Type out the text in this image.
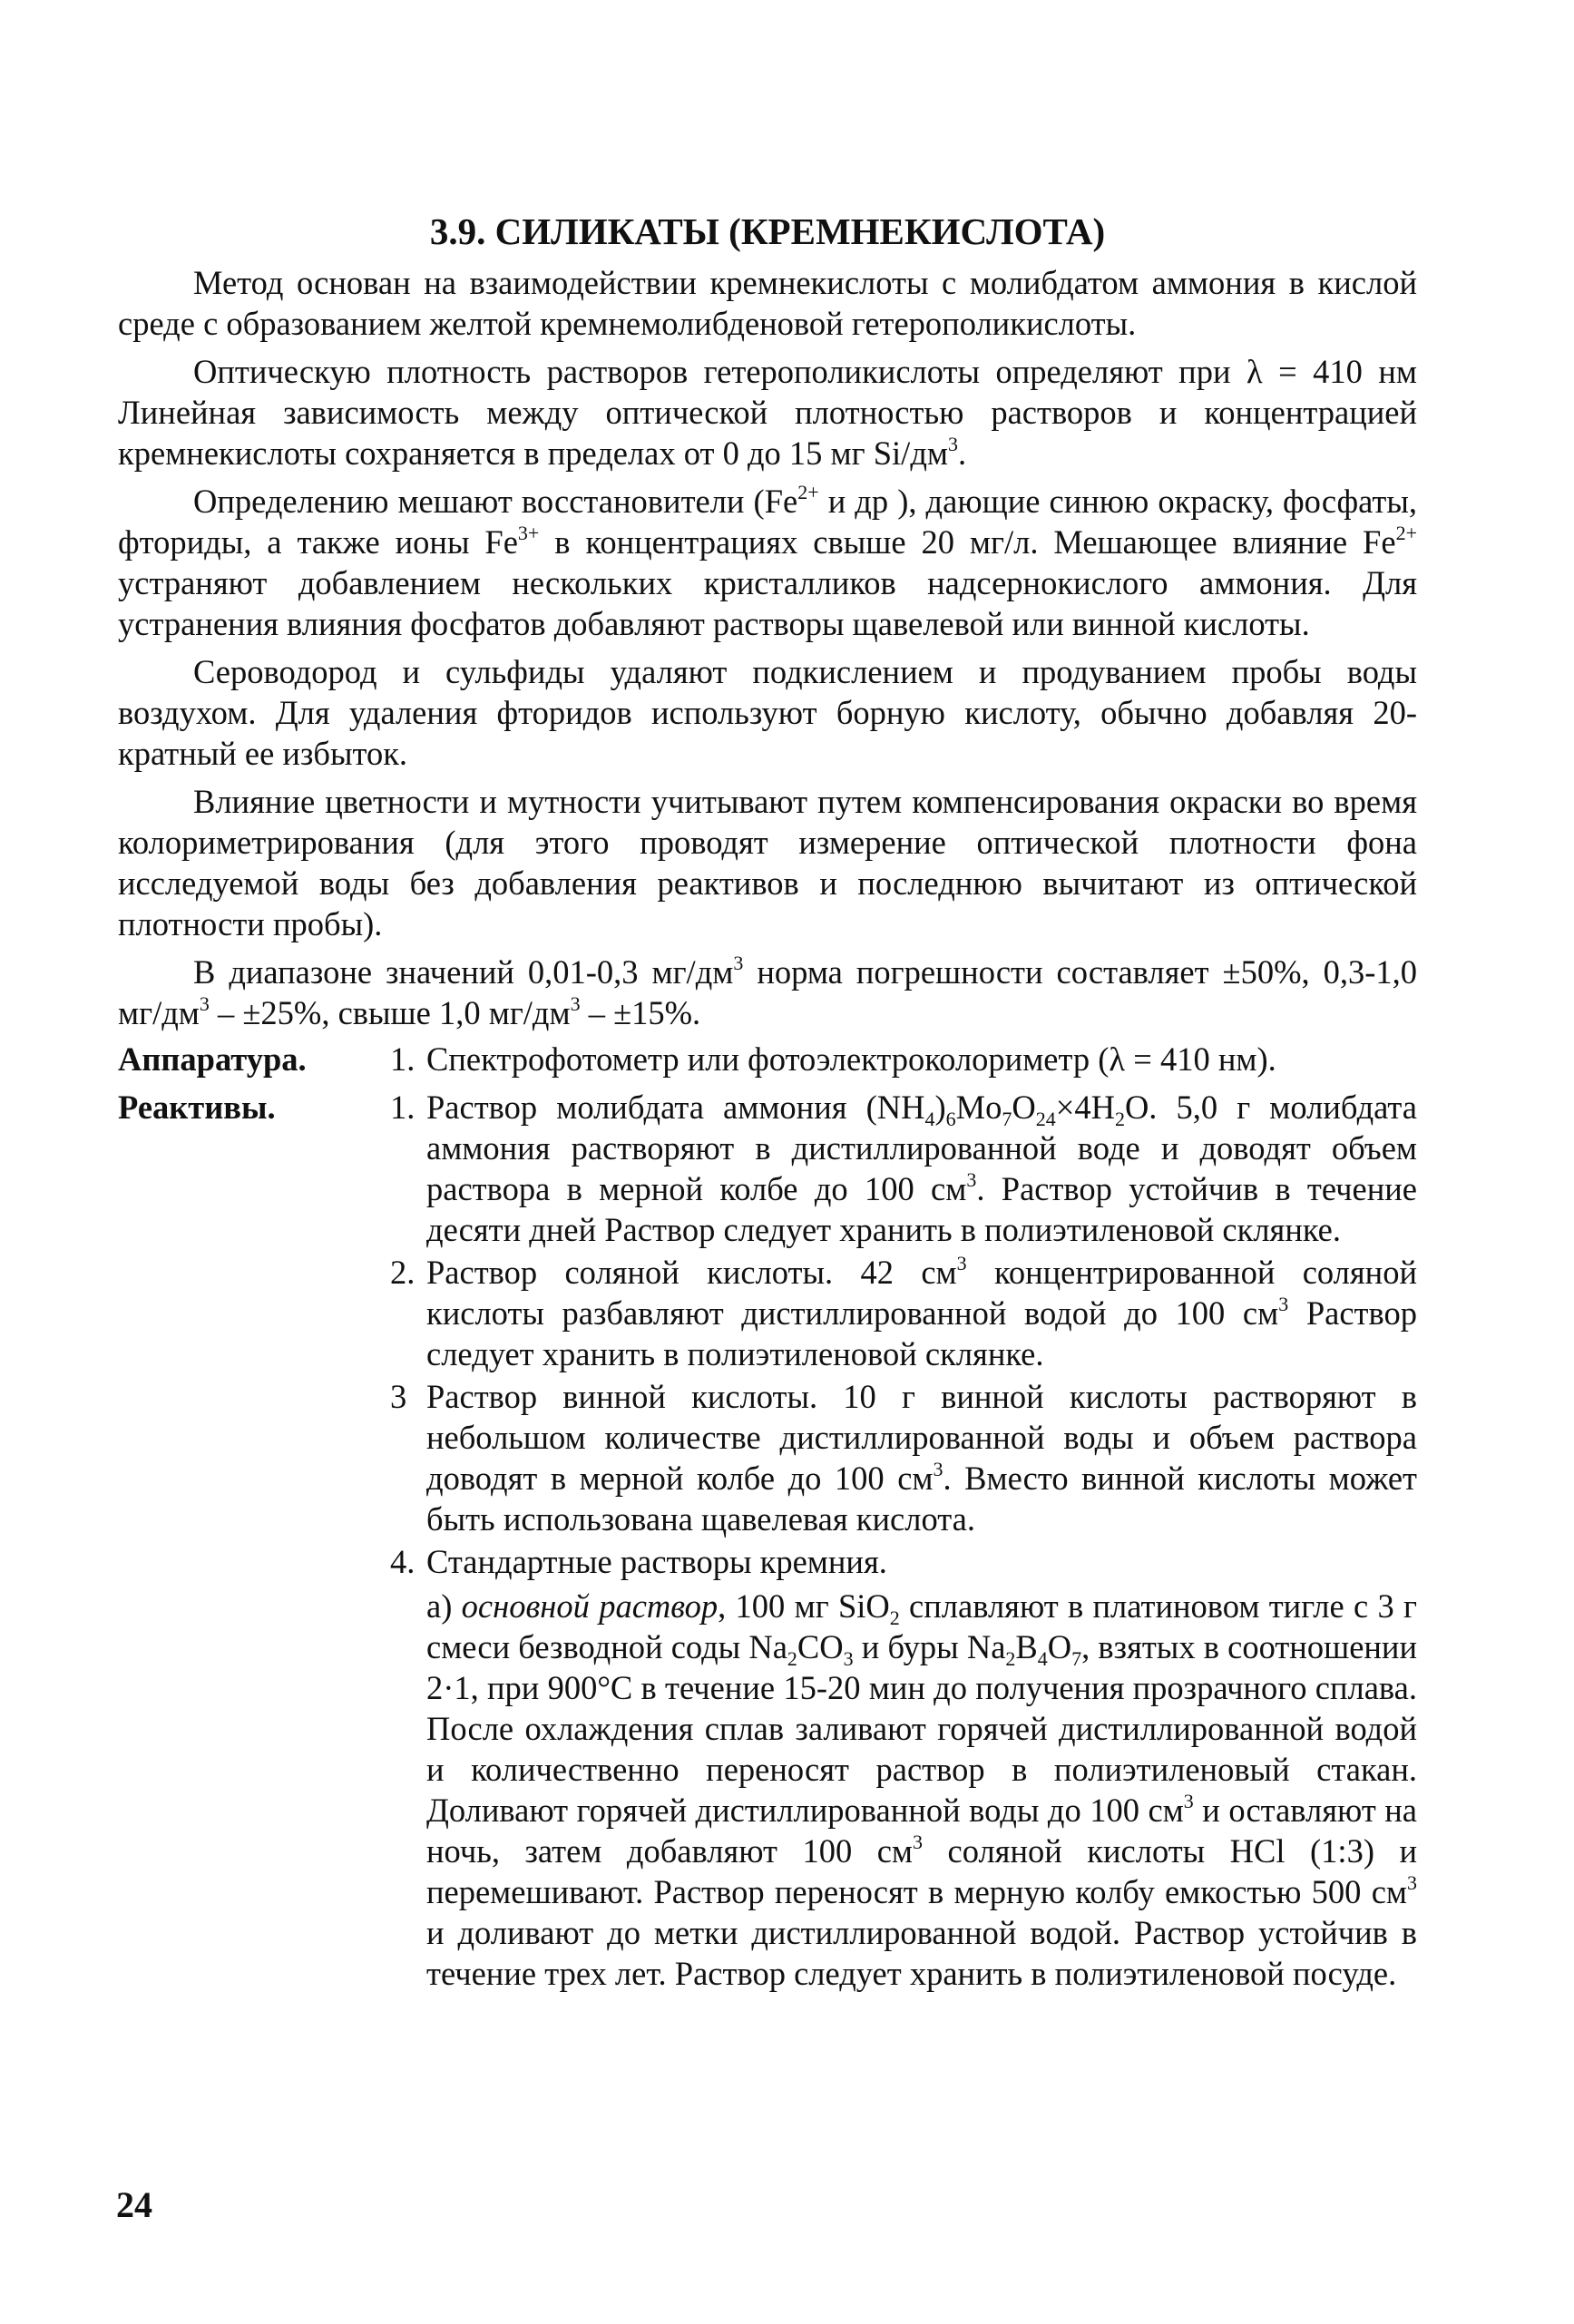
3.9. СИЛИКАТЫ (КРЕМНЕКИСЛОТА)

Метод основан на взаимодействии кремнекислоты с молибдатом аммония в кислой среде с образованием желтой кремнемолибденовой гетерополикислоты.

Оптическую плотность растворов гетерополикислоты определяют при λ = 410 нм Линейная зависимость между оптической плотностью растворов и концентрацией кремнекислоты сохраняется в пределах от 0 до 15 мг $Si/дм^3$.

Определению мешают восстановители ($Fe^{2+}$ и др ), дающие синюю окраску, фосфаты, фториды, а также ионы $Fe^{3+}$ в концентрациях свыше 20 мг/л. Мешающее влияние $Fe^{2+}$ устраняют добавлением нескольких кристалликов надсернокислого аммония. Для устранения влияния фосфатов добавляют растворы щавелевой или винной кислоты.

Сероводород и сульфиды удаляют подкислением и продуванием пробы воды воздухом. Для удаления фторидов используют борную кислоту, обычно добавляя 20-кратный ее избыток.

Влияние цветности и мутности учитывают путем компенсирования окраски во время колориметрирования (для этого проводят измерение оптической плотности фона исследуемой воды без добавления реактивов и последнюю вычитают из оптической плотности пробы).

В диапазоне значений 0,01-0,3 $мг/дм^3$ норма погрешности составляет ±50%, 0,3-1,0 $мг/дм^3 - \pm 25\%$, свыше 1,0 $мг/дм^3 - \pm 15\%$.

Аппаратура.	1. Спектрофотометр или фотоэлектроколориметр (λ = 410 нм).
Реактивы.	1. Раствор молибдата аммония $(NH_4)_6Mo_7O_{24}\times 4H_2O$. 5,0 г молибдата аммония растворяют в дистиллированной воде и доводят объем раствора в мерной колбе до 100 $см^3$. Раствор устойчив в течение десяти дней Раствор следует хранить в полиэтиленовой склянке.
2. Раствор соляной кислоты. 42 $см^3$ концентрированной соляной кислоты разбавляют дистиллированной водой до 100 $см^3$ Раствор следует хранить в полиэтиленовой склянке.
3 Раствор винной кислоты. 10 г винной кислоты растворяют в небольшом количестве дистиллированной воды и объем раствора доводят в мерной колбе до 100 $см^3$. Вместо винной кислоты может быть использована щавелевая кислота.
4. Стандартные растворы кремния.
а) основной раствор, 100 мг SiO$_2$ сплавляют в платиновом тигле с 3 г смеси безводной соды $Na_2CO_3$ и буры $Na_2B_4O_7$, взятых в соотношении 2·1, при 900°C в течение 15-20 мин до получения прозрачного сплава. После охлаждения сплав заливают горячей дистиллированной водой и количественно переносят раствор в полиэтиленовый стакан. Доливают горячей дистиллированной воды до 100 $см^3$ и оставляют на ночь, затем добавляют 100 $см^3$ соляной кислоты HCl (1:3) и перемешивают. Раствор переносят в мерную колбу емкостью 500 $см^3$ и доливают до метки дистиллированной водой. Раствор устойчив в течение трех лет. Раствор следует хранить в полиэтиленовой посуде.
24
